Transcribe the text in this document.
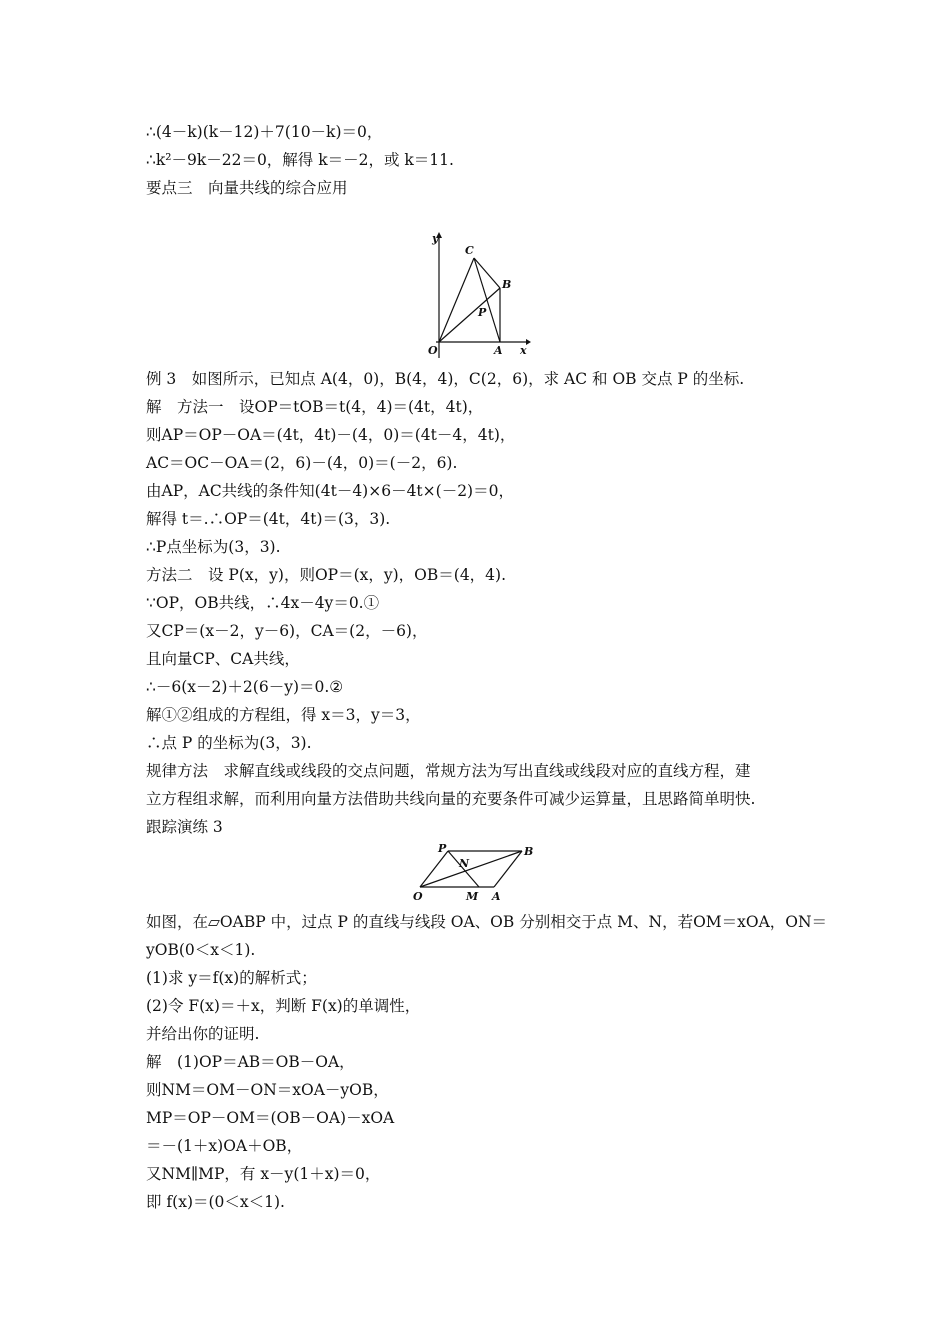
∴(4－k)(k－12)＋7(10－k)＝0，
∴k²－9k－22＝0，解得 k＝－2，或 k＝11.
要点三　向量共线的综合应用
y
C
B
P
O	A x
例 3　如图所示，已知点 A(4，0)，B(4，4)，C(2，6)，求 AC 和 OB 交点 P 的坐标.
解　方法一　设OP＝tOB＝t(4，4)＝(4t，4t)，
则AP＝OP－OA＝(4t，4t)－(4，0)＝(4t－4，4t)，
AC＝OC－OA＝(2，6)－(4，0)＝(－2，6).
由AP，AC共线的条件知(4t－4)×6－4t×(－2)＝0，
解得 t＝.∴OP＝(4t，4t)＝(3，3).
∴P点坐标为(3，3).
方法二　设 P(x，y)，则OP＝(x，y)，OB＝(4，4).
∵OP，OB共线，∴4x－4y＝0.①
又CP＝(x－2，y－6)，CA＝(2，－6)，
且向量CP、CA共线，
∴－6(x－2)＋2(6－y)＝0.②
解①②组成的方程组，得 x＝3，y＝3，
∴点 P 的坐标为(3，3).
规律方法　求解直线或线段的交点问题，常规方法为写出直线或线段对应的直线方程，建
立方程组求解，而利用向量方法借助共线向量的充要条件可减少运算量，且思路简单明快.
跟踪演练 3
P
N
B
O	M A
如图，在▱OABP 中，过点 P 的直线与线段 OA、OB 分别相交于点 M、N，若OM＝xOA，ON＝
yOB(0＜x＜1).
(1)求 y＝f(x)的解析式；
(2)令 F(x)＝＋x，判断 F(x)的单调性，
并给出你的证明.
解　(1)OP＝AB＝OB－OA，
则NM＝OM－ON＝xOA－yOB，
MP＝OP－OM＝(OB－OA)－xOA
＝－(1＋x)OA＋OB，
又NM∥MP，有 x－y(1＋x)＝0，
即 f(x)＝(0＜x＜1).
